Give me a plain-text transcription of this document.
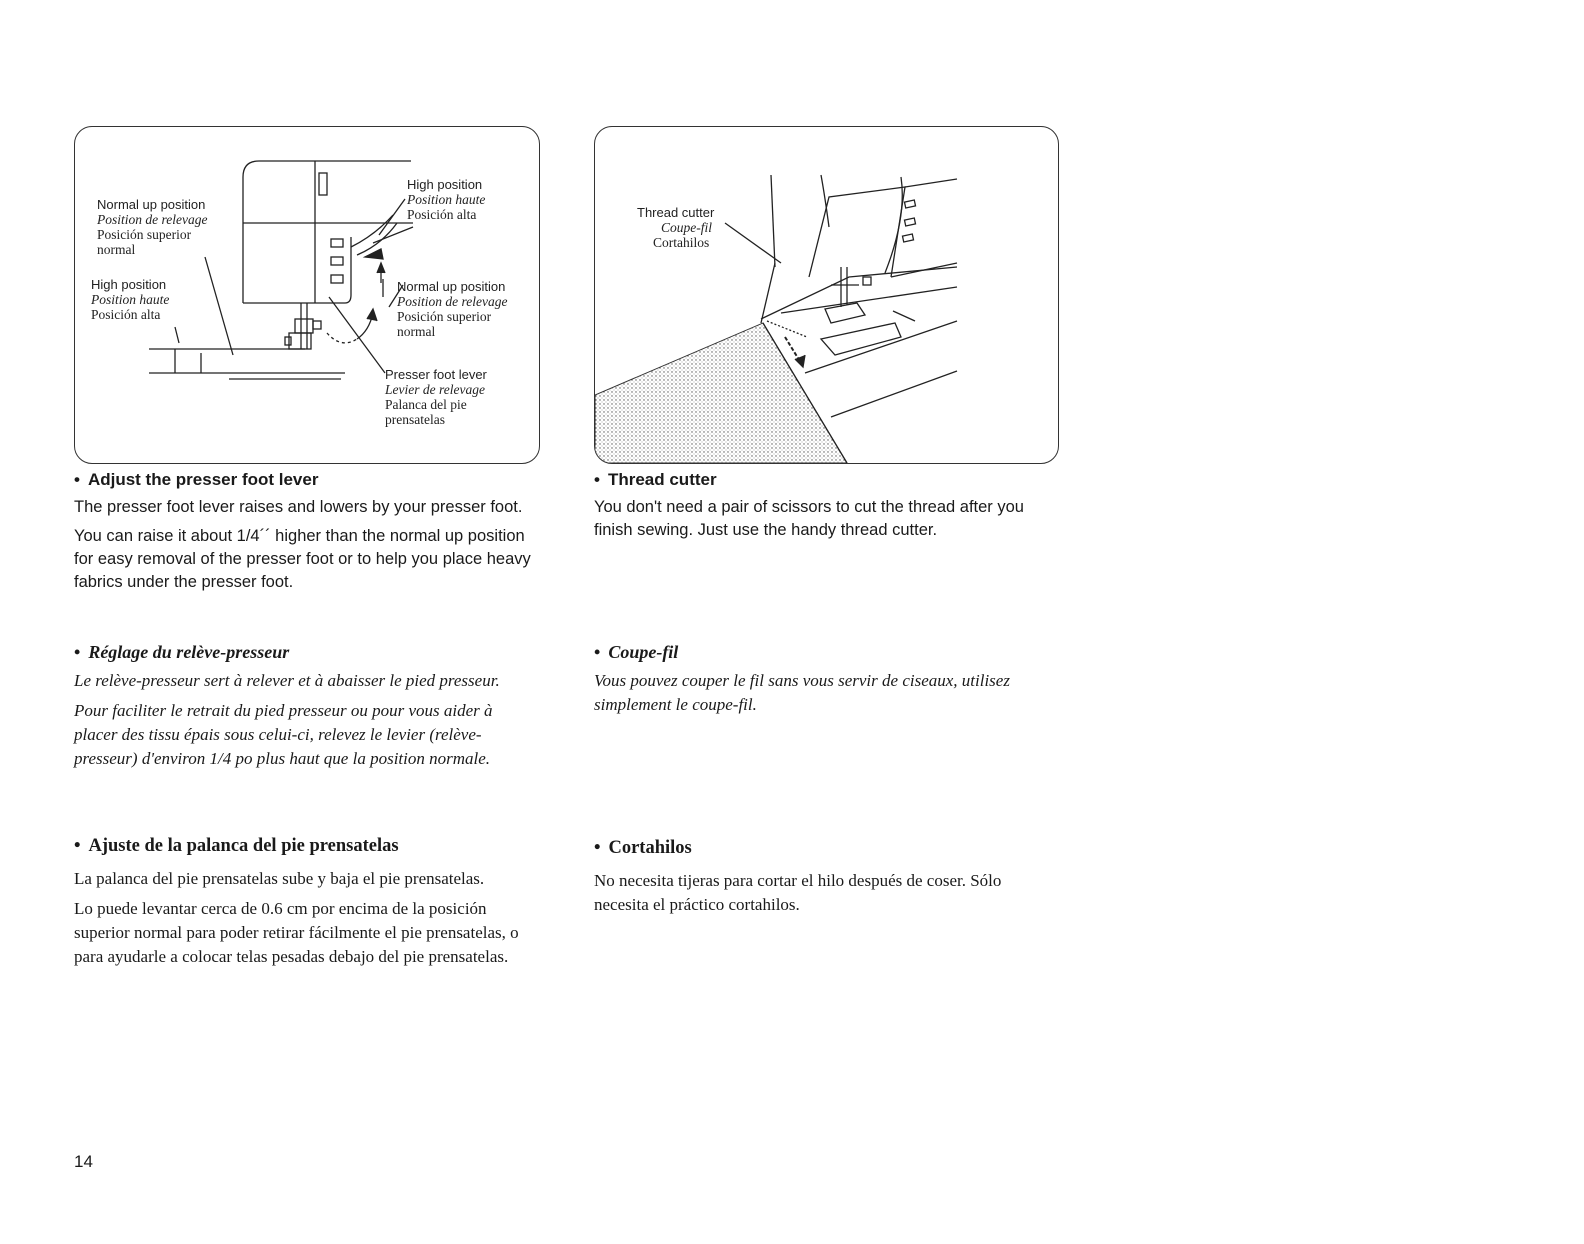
Normal up position
Position de relevage
Posición superior
normal
High position
Position haute
Posición alta
High position
Position haute
Posición alta
Normal up position
Position de relevage
Posición superior
normal
Presser foot lever
Levier de relevage
Palanca del pie
prensatelas
Thread cutter
Coupe-fil
Cortahilos
• Adjust the presser foot lever

The presser foot lever raises and lowers by your presser foot.

You can raise it about 1/4´´ higher than the normal up position for easy removal of the presser foot or to help you place heavy fabrics under the presser foot.

• Réglage du relève-presseur

Le relève-presseur sert à relever et à abaisser le pied presseur.

Pour faciliter le retrait du pied presseur ou pour vous aider à placer des tissu épais sous celui-ci, relevez le levier (relève-presseur) d'environ 1/4 po plus haut que la position normale.

• Ajuste de la palanca del pie prensatelas

La palanca del pie prensatelas sube y baja el pie prensatelas.

Lo puede levantar cerca de 0.6 cm por encima de la posición superior normal para poder retirar fácilmente el pie prensatelas, o para ayudarle a colocar telas pesadas debajo del pie prensatelas.

• Thread cutter

You don't need a pair of scissors to cut the thread after you finish sewing. Just use the handy thread cutter.

• Coupe-fil

Vous pouvez couper le fil sans vous servir de ciseaux, utilisez simplement le coupe-fil.

• Cortahilos

No necesita tijeras para cortar el hilo después de coser. Sólo necesita el práctico cortahilos.

14
